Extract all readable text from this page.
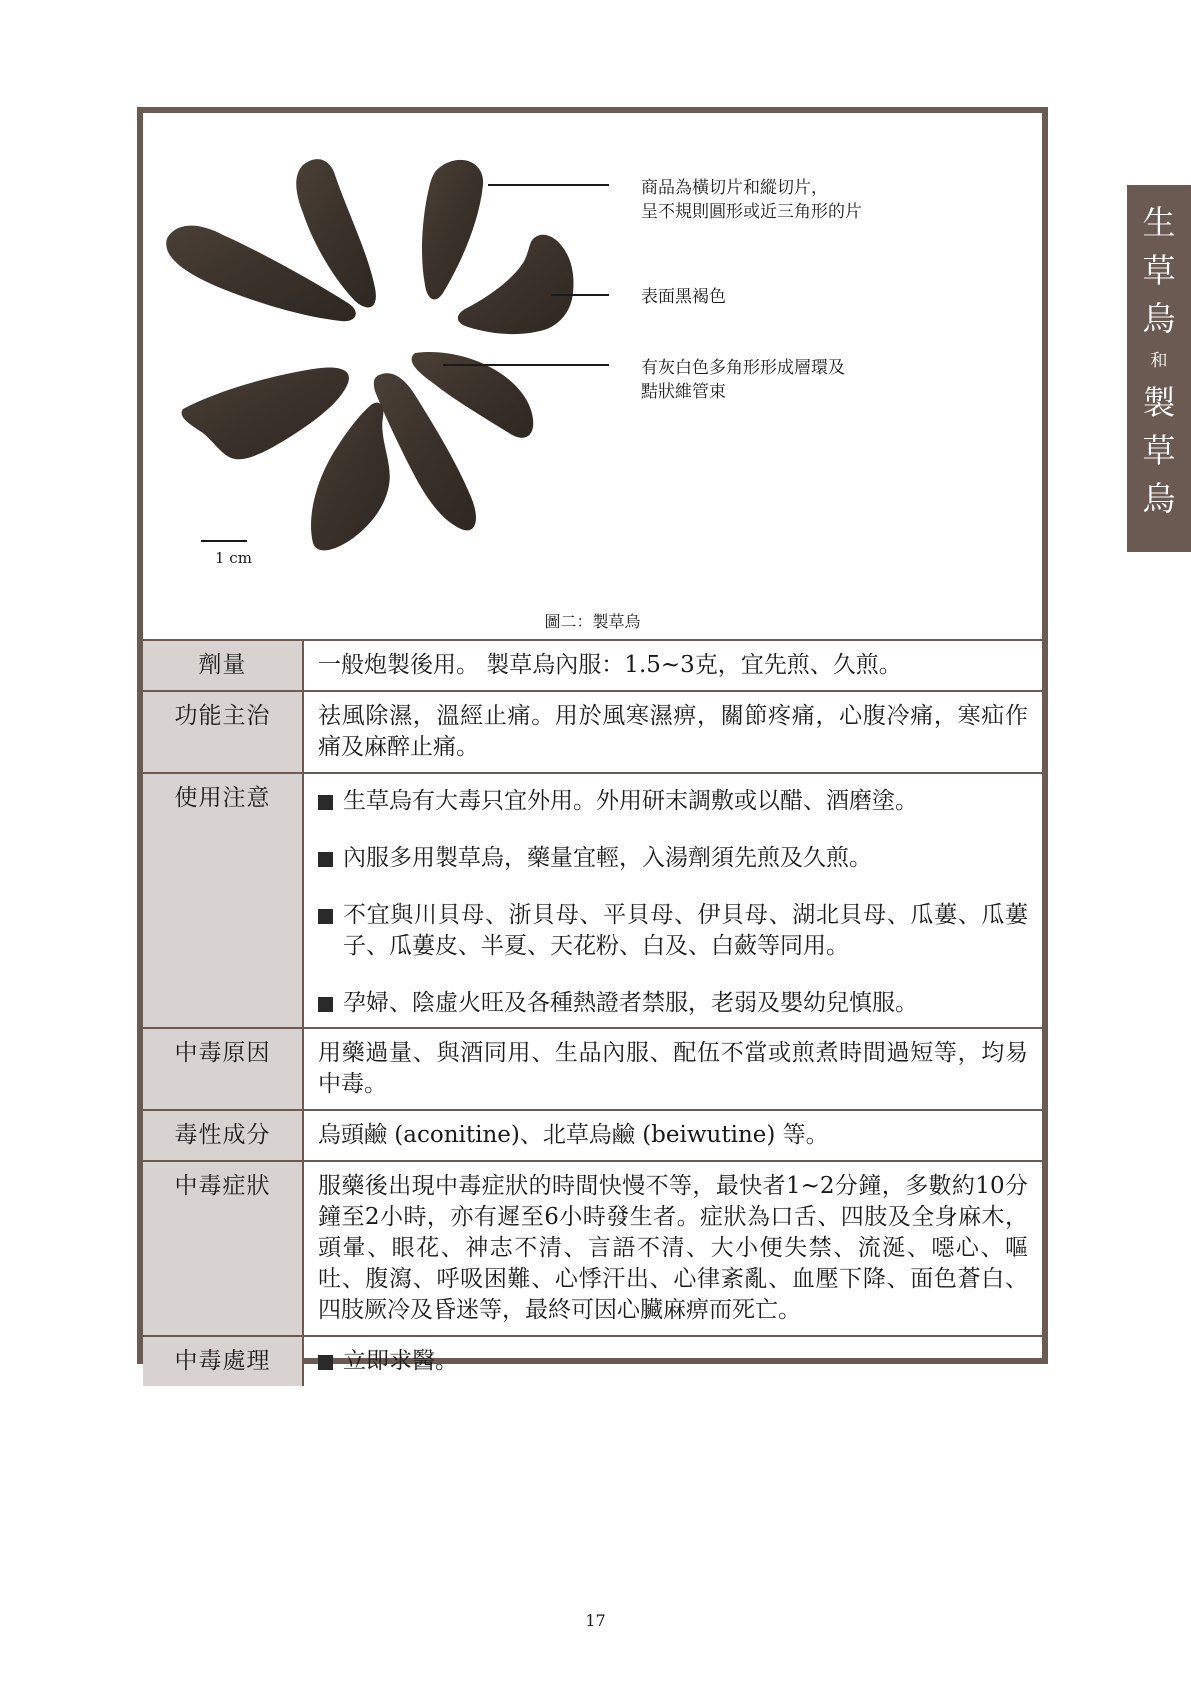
生
草
烏
和
製
草
烏
商品為橫切片和縱切片，
呈不規則圓形或近三角形的片
表面黑褐色
有灰白色多角形形成層環及
黠狀維管束
1 cm
圖二：製草烏
劑量	一般炮製後用。 製草烏內服：1.5~3克，宜先煎、久煎。
功能主治	祛風除濕，溫經止痛。用於風寒濕痹，關節疼痛，心腹冷痛，寒疝作痛及麻醉止痛。
使用注意	生草烏有大毒只宜外用。外用研末調敷或以醋、酒磨塗。
內服多用製草烏，藥量宜輕，入湯劑須先煎及久煎。
不宜與川貝母、浙貝母、平貝母、伊貝母、湖北貝母、瓜蔞、瓜蔞子、瓜蔞皮、半夏、天花粉、白及、白蘞等同用。
孕婦、陰虛火旺及各種熱證者禁服，老弱及嬰幼兒慎服。

中毒原因	用藥過量、與酒同用、生品內服、配伍不當或煎煮時間過短等，均易中毒。
毒性成分	烏頭鹼 (aconitine)、北草烏鹼 (beiwutine) 等。
中毒症狀	服藥後出現中毒症狀的時間快慢不等，最快者1~2分鐘，多數約10分鐘至2小時，亦有遲至6小時發生者。症狀為口舌、四肢及全身麻木，頭暈、眼花、神志不清、言語不清、大小便失禁、流涎、噁心、嘔吐、腹瀉、呼吸困難、心悸汗出、心律紊亂、血壓下降、面色蒼白、四肢厥冷及昏迷等，最終可因心臟麻痹而死亡。
中毒處理	立即求醫。
17
